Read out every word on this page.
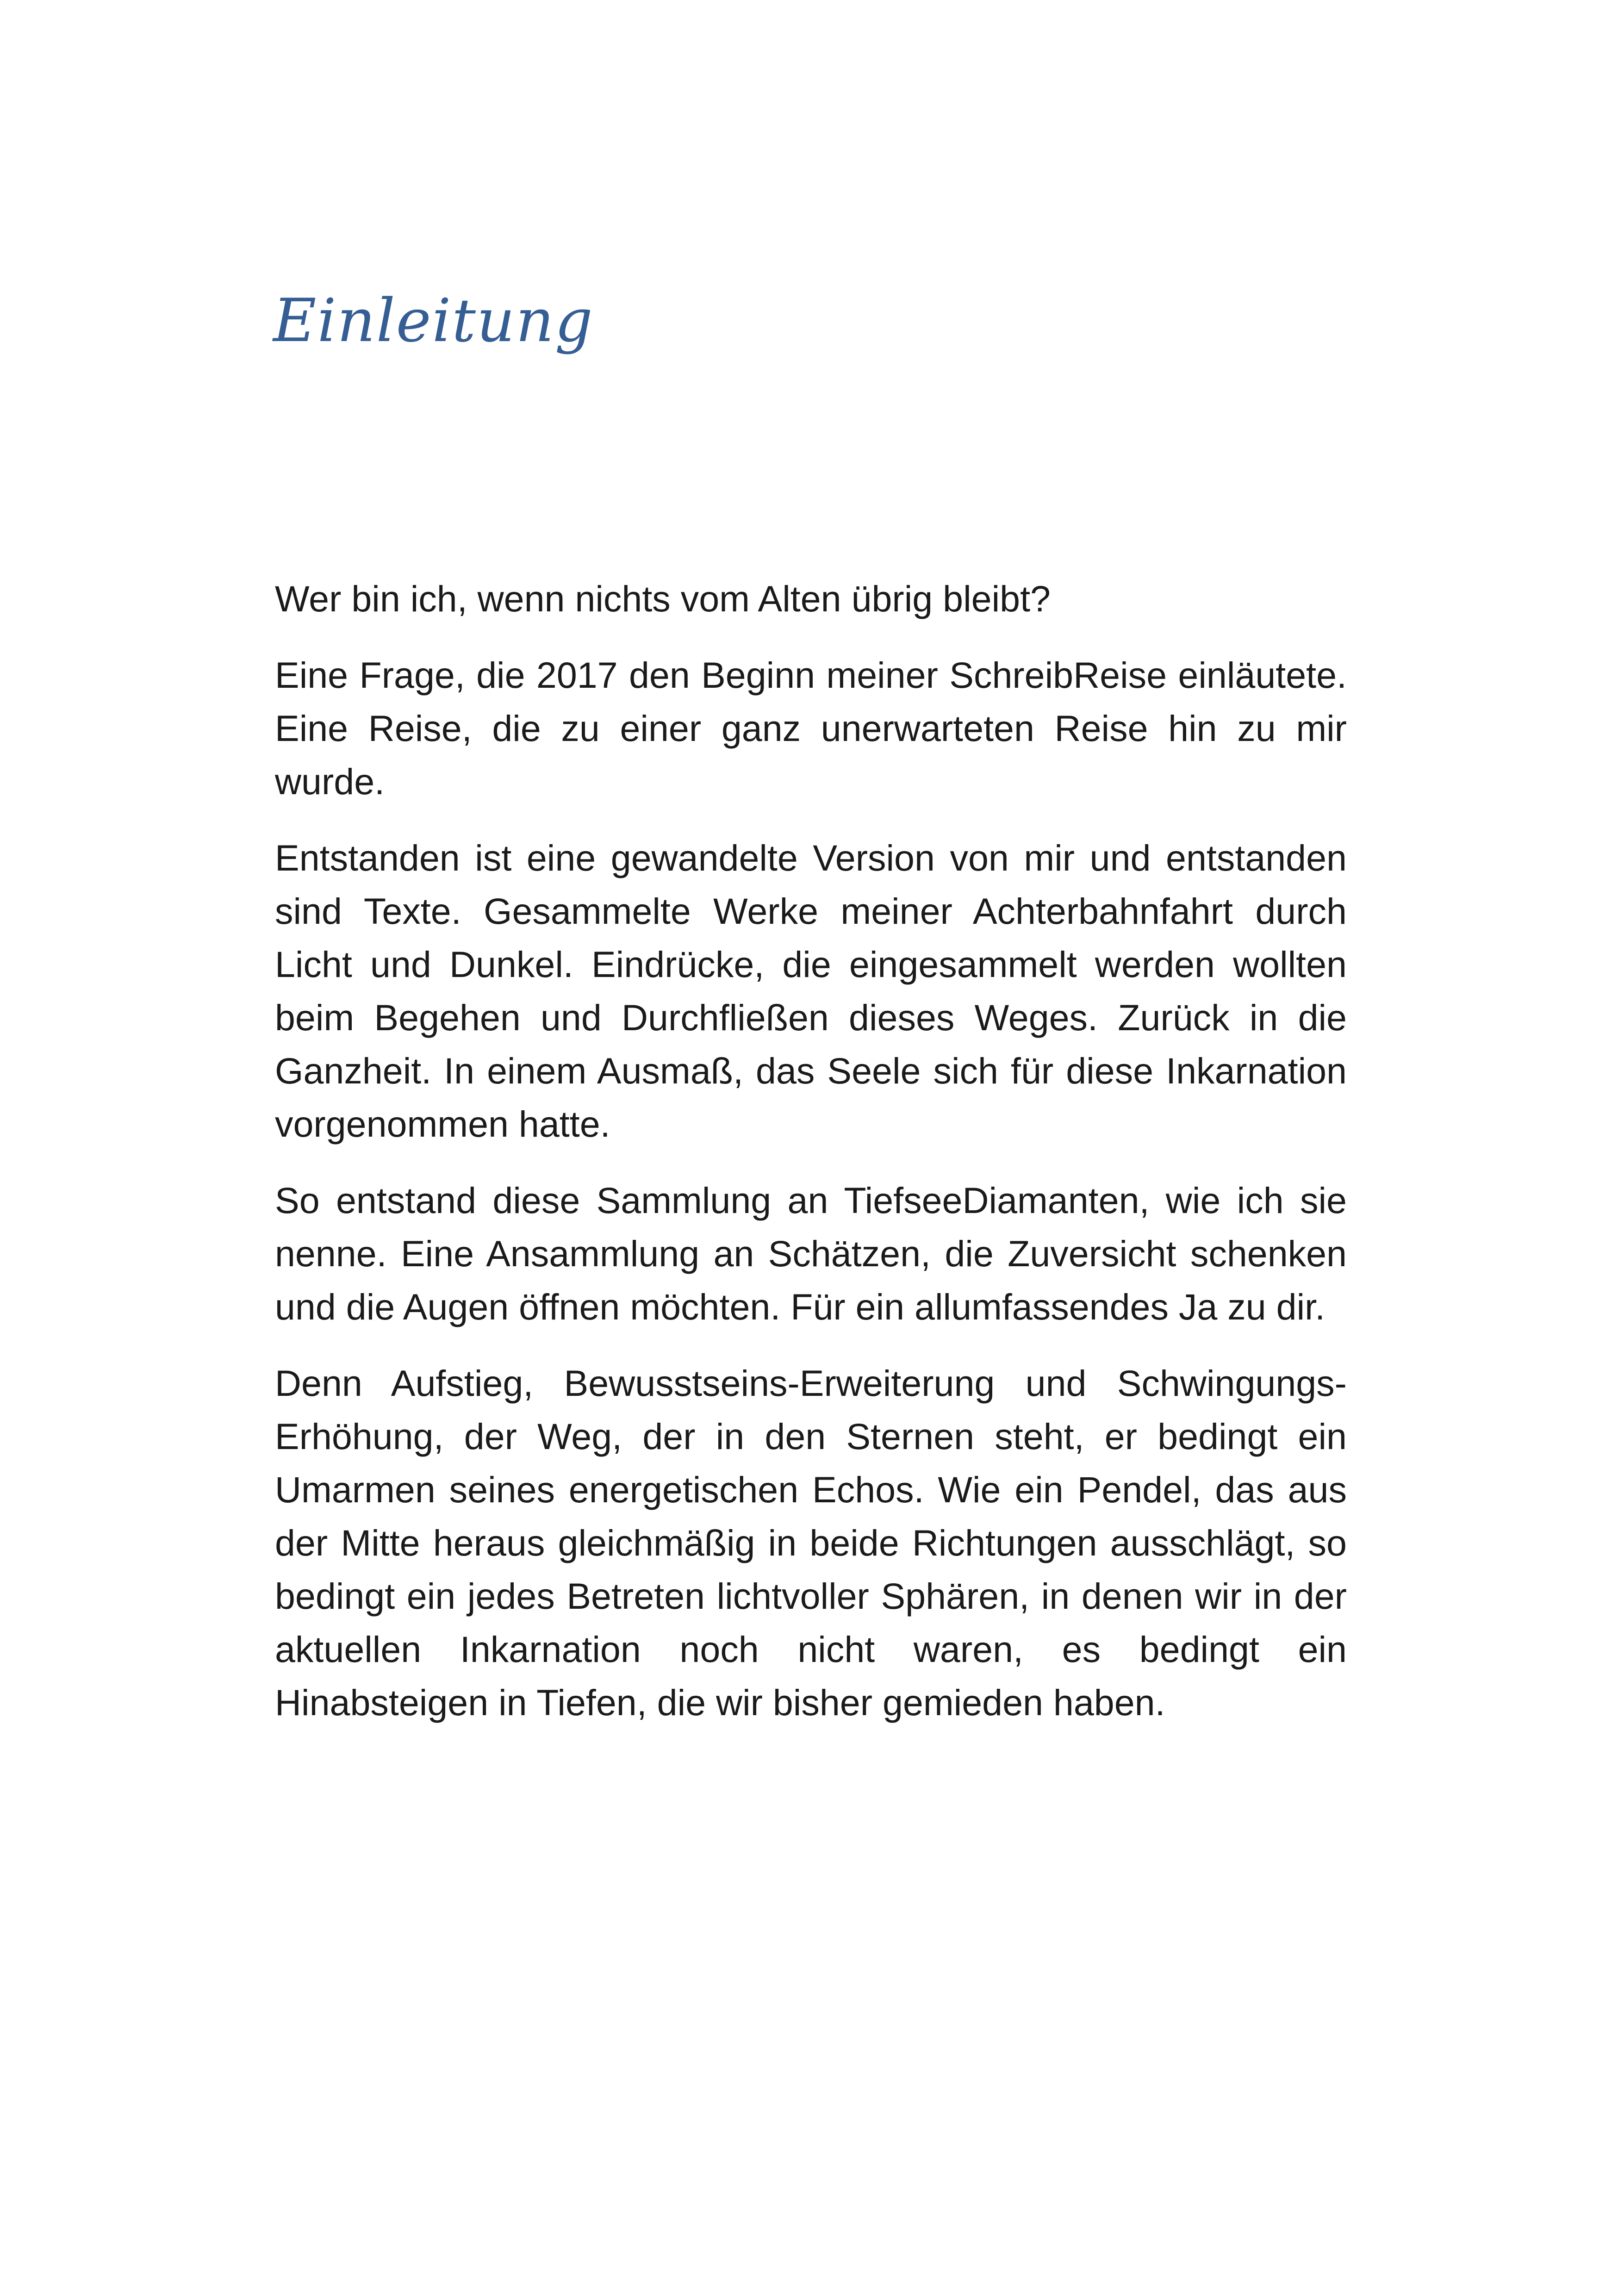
Einleitung

Wer bin ich, wenn nichts vom Alten übrig bleibt?

Eine Frage, die 2017 den Beginn meiner SchreibReise einläutete. Eine Reise, die zu einer ganz unerwarteten Reise hin zu mir wurde.

Entstanden ist eine gewandelte Version von mir und entstanden sind Texte. Gesammelte Werke meiner Achterbahnfahrt durch Licht und Dunkel. Eindrücke, die eingesammelt werden wollten beim Begehen und Durchfließen dieses Weges. Zurück in die Ganzheit. In einem Ausmaß, das Seele sich für diese Inkarnation vorgenommen hatte.

So entstand diese Sammlung an TiefseeDiamanten, wie ich sie nenne. Eine Ansammlung an Schätzen, die Zuversicht schenken und die Augen öffnen möchten. Für ein allumfassendes Ja zu dir.

Denn Aufstieg, Bewusstseins-Erweiterung und Schwingungs-Erhöhung, der Weg, der in den Sternen steht, er bedingt ein Umarmen seines energetischen Echos. Wie ein Pendel, das aus der Mitte heraus gleichmäßig in beide Richtungen ausschlägt, so bedingt ein jedes Betreten lichtvoller Sphären, in denen wir in der aktuellen Inkarnation noch nicht waren, es bedingt ein Hinabsteigen in Tiefen, die wir bisher gemieden haben.
